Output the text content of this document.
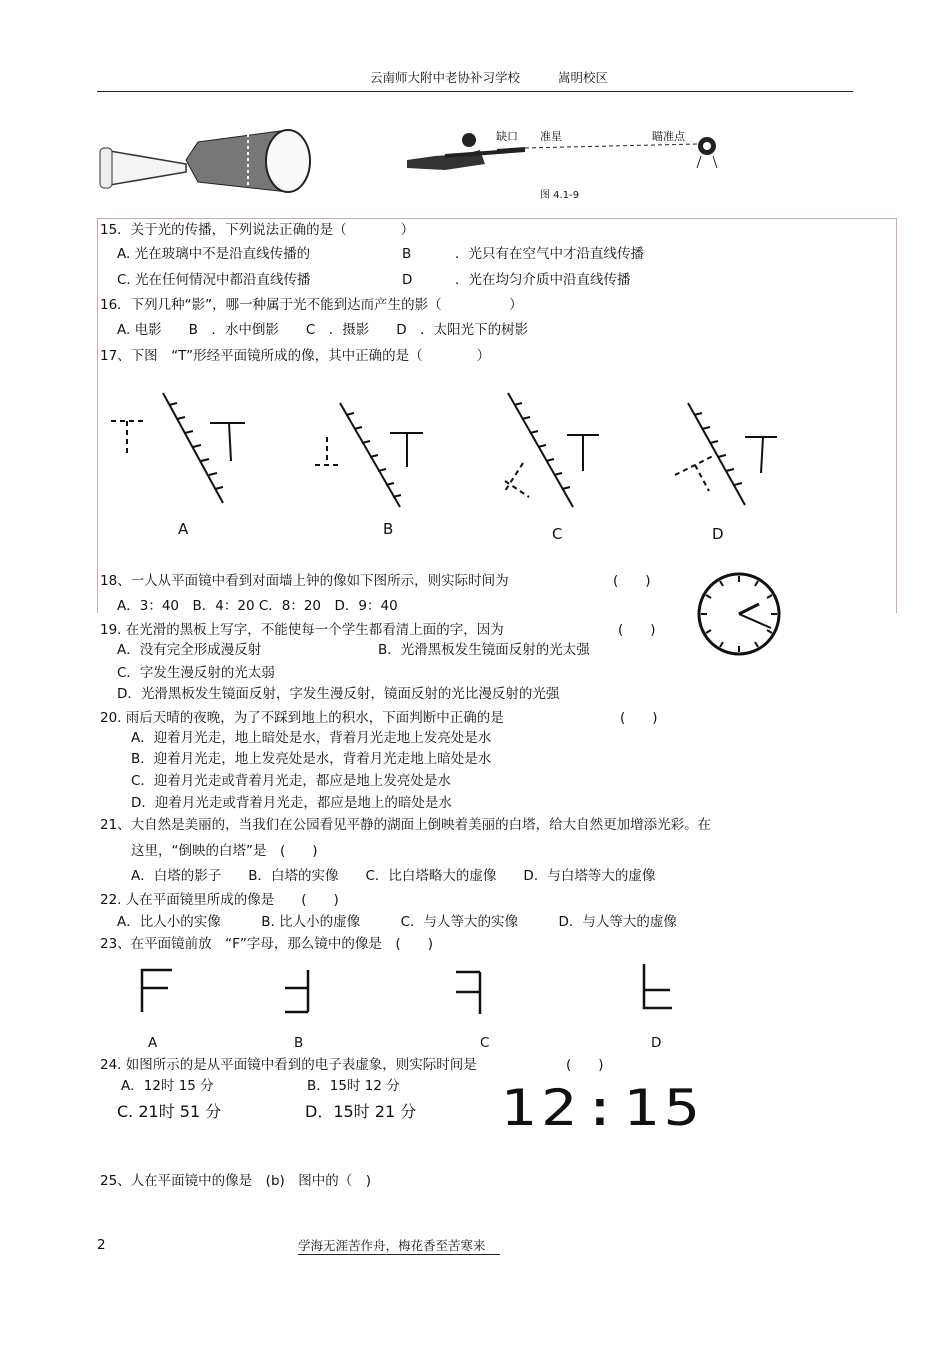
云南师大附中老协补习学校	嵩明校区
缺口 准星	瞄准点
图 4.1-9
15．关于光的传播，下列说法正确的是（　　　　）
A. 光在玻璃中不是沿直线传播的	B	．光只有在空气中才沿直线传播
C. 光在任何情况中都沿直线传播	D	．光在均匀介质中沿直线传播
16．下列几种“影”，哪一种属于光不能到达而产生的影（　　　　　）
A. 电影　　B　．水中倒影　　C　．摄影　　D　．太阳光下的树影
17、下图　“T”形经平面镜所成的像，其中正确的是（　　　　）
A	B	C	D
18、一人从平面镜中看到对面墙上钟的像如下图所示，则实际时间为	(　　)
A．3：40　B．4：20 C．8：20　D．9：40
19. 在光滑的黑板上写字，不能使每一个学生都看清上面的字，因为	(　　)
A．没有完全形成漫反射	B．光滑黑板发生镜面反射的光太强
C．字发生漫反射的光太弱
D．光滑黑板发生镜面反射，字发生漫反射，镜面反射的光比漫反射的光强
20. 雨后天晴的夜晚，为了不踩到地上的积水，下面判断中正确的是	(　　)
A．迎着月光走，地上暗处是水，背着月光走地上发亮处是水
B．迎着月光走，地上发亮处是水，背着月光走地上暗处是水
C．迎着月光走或背着月光走，都应是地上发亮处是水
D．迎着月光走或背着月光走，都应是地上的暗处是水
21、大自然是美丽的，当我们在公园看见平静的湖面上倒映着美丽的白塔，给大自然更加增添光彩。在
这里，“倒映的白塔”是　(　　)
A．白塔的影子　　B．白塔的实像　　C．比白塔略大的虚像　　D．与白塔等大的虚像
22. 人在平面镜里所成的像是　　(　　)
A．比人小的实像　　　B. 比人小的虚像　　　C．与人等大的实像　　　D．与人等大的虚像
23、在平面镜前放　“F”字母，那么镜中的像是　(　　)
A	B	C	D
24. 如图所示的是从平面镜中看到的电子表虚象，则实际时间是	(　　)
A．12时 15 分	B．15时 12 分
C. 21时 51 分	D．15时 21 分 12:15
25、人在平面镜中的像是　(b)　图中的（　)
2	学海无涯苦作舟，梅花香至苦寒来
